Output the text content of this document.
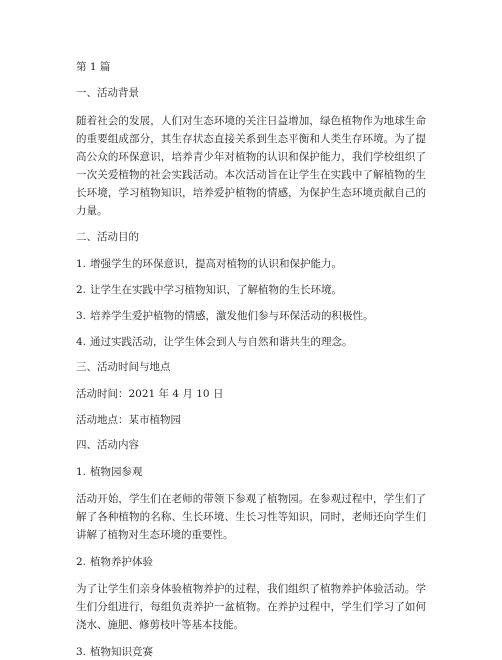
第 1 篇
一、活动背景

随着社会的发展，人们对生态环境的关注日益增加，绿色植物作为地球生命的重要组成部分，其生存状态直接关系到生态平衡和人类生存环境。为了提高公众的环保意识，培养青少年对植物的认识和保护能力，我们学校组织了一次关爱植物的社会实践活动。本次活动旨在让学生在实践中了解植物的生长环境，学习植物知识，培养爱护植物的情感，为保护生态环境贡献自己的力量。

二、活动目的
1. 增强学生的环保意识，提高对植物的认识和保护能力。
2. 让学生在实践中学习植物知识，了解植物的生长环境。
3. 培养学生爱护植物的情感，激发他们参与环保活动的积极性。
4. 通过实践活动，让学生体会到人与自然和谐共生的理念。
三、活动时间与地点
活动时间：2021 年 4 月 10 日
活动地点：某市植物园
四、活动内容
1. 植物园参观

活动开始，学生们在老师的带领下参观了植物园。在参观过程中，学生们了解了各种植物的名称、生长环境、生长习性等知识，同时，老师还向学生们讲解了植物对生态环境的重要性。

2. 植物养护体验

为了让学生们亲身体验植物养护的过程，我们组织了植物养护体验活动。学生们分组进行，每组负责养护一盆植物。在养护过程中，学生们学习了如何浇水、施肥、修剪枝叶等基本技能。

3. 植物知识竞赛
